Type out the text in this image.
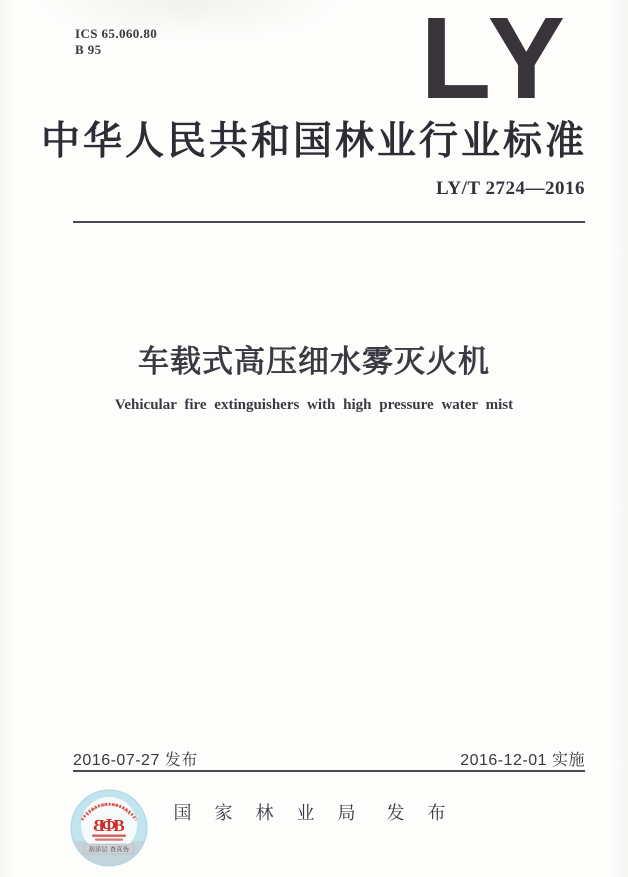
ICS 65.060.80
B 95	LY
中华人民共和国林业行业标准
LY/T 2724—2016
车载式高压细水雾灭火机
Vehicular fire extinguishers with high pressure water mist
2016-07-27 发布	2016-12-01 实施
国 家 林 业 局 发 布
B
Φ
B
刮涂层 查真伪
